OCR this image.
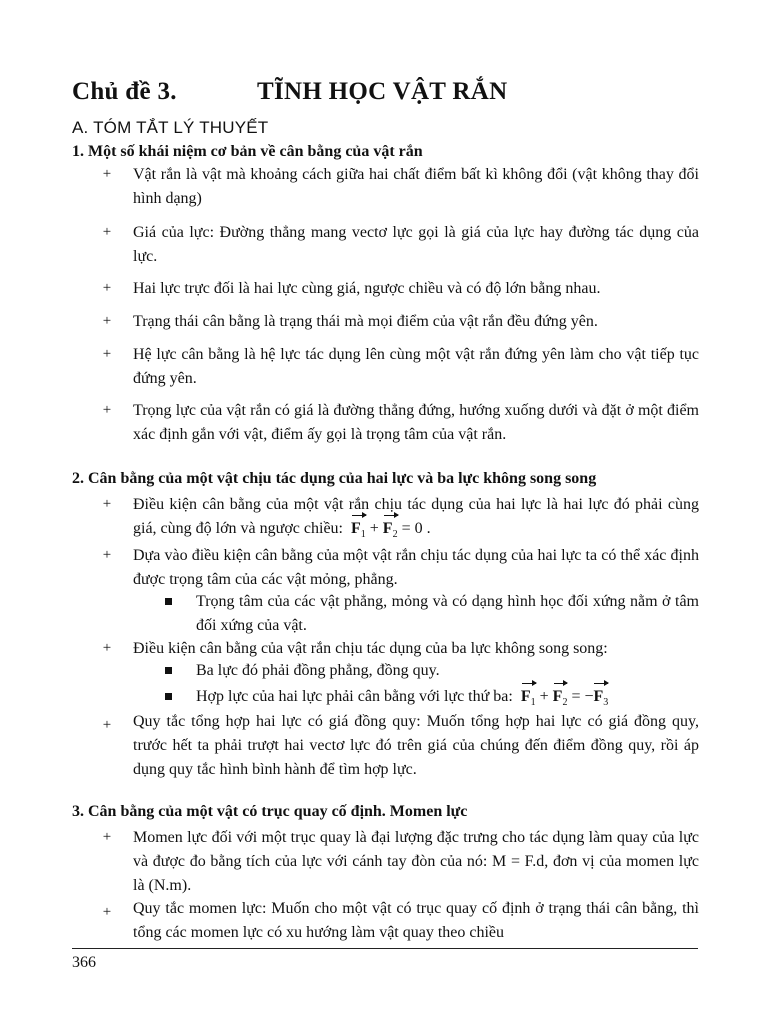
Chủ đề 3.	TĨNH HỌC VẬT RẮN
A. TÓM TẮT LÝ THUYẾT
1. Một số khái niệm cơ bản về cân bằng của vật rắn
+ Vật rắn là vật mà khoảng cách giữa hai chất điểm bất kì không đổi (vật không thay đổi hình dạng)
+ Giá của lực: Đường thẳng mang vectơ lực gọi là giá của lực hay đường tác dụng của lực.
+ Hai lực trực đối là hai lực cùng giá, ngược chiều và có độ lớn bằng nhau.
+ Trạng thái cân bằng là trạng thái mà mọi điểm của vật rắn đều đứng yên.
+ Hệ lực cân bằng là hệ lực tác dụng lên cùng một vật rắn đứng yên làm cho vật tiếp tục đứng yên.
+ Trọng lực của vật rắn có giá là đường thẳng đứng, hướng xuống dưới và đặt ở một điểm xác định gắn với vật, điểm ấy gọi là trọng tâm của vật rắn.
2. Cân bằng của một vật chịu tác dụng của hai lực và ba lực không song song
+ Điều kiện cân bằng của một vật rắn chịu tác dụng của hai lực là hai lực đó phải cùng giá, cùng độ lớn và ngược chiều: $F_1 + F_2 = 0$ .
+ Dựa vào điều kiện cân bằng của một vật rắn chịu tác dụng của hai lực ta có thể xác định được trọng tâm của các vật mỏng, phẳng.
Trọng tâm của các vật phẳng, mỏng và có dạng hình học đối xứng nằm ở tâm đối xứng của vật.
+ Điều kiện cân bằng của vật rắn chịu tác dụng của ba lực không song song:
Ba lực đó phải đồng phẳng, đồng quy.
Hợp lực của hai lực phải cân bằng với lực thứ ba: $F_1 + F_2 = -F_3$
+ Quy tắc tổng hợp hai lực có giá đồng quy: Muốn tổng hợp hai lực có giá đồng quy, trước hết ta phải trượt hai vectơ lực đó trên giá của chúng đến điểm đồng quy, rồi áp dụng quy tắc hình bình hành để tìm hợp lực.
3. Cân bằng của một vật có trục quay cố định. Momen lực
+ Momen lực đối với một trục quay là đại lượng đặc trưng cho tác dụng làm quay của lực và được đo bằng tích của lực với cánh tay đòn của nó: M = F.d, đơn vị của momen lực là (N.m).
+ Quy tắc momen lực: Muốn cho một vật có trục quay cố định ở trạng thái cân bằng, thì tổng các momen lực có xu hướng làm vật quay theo chiều
366
